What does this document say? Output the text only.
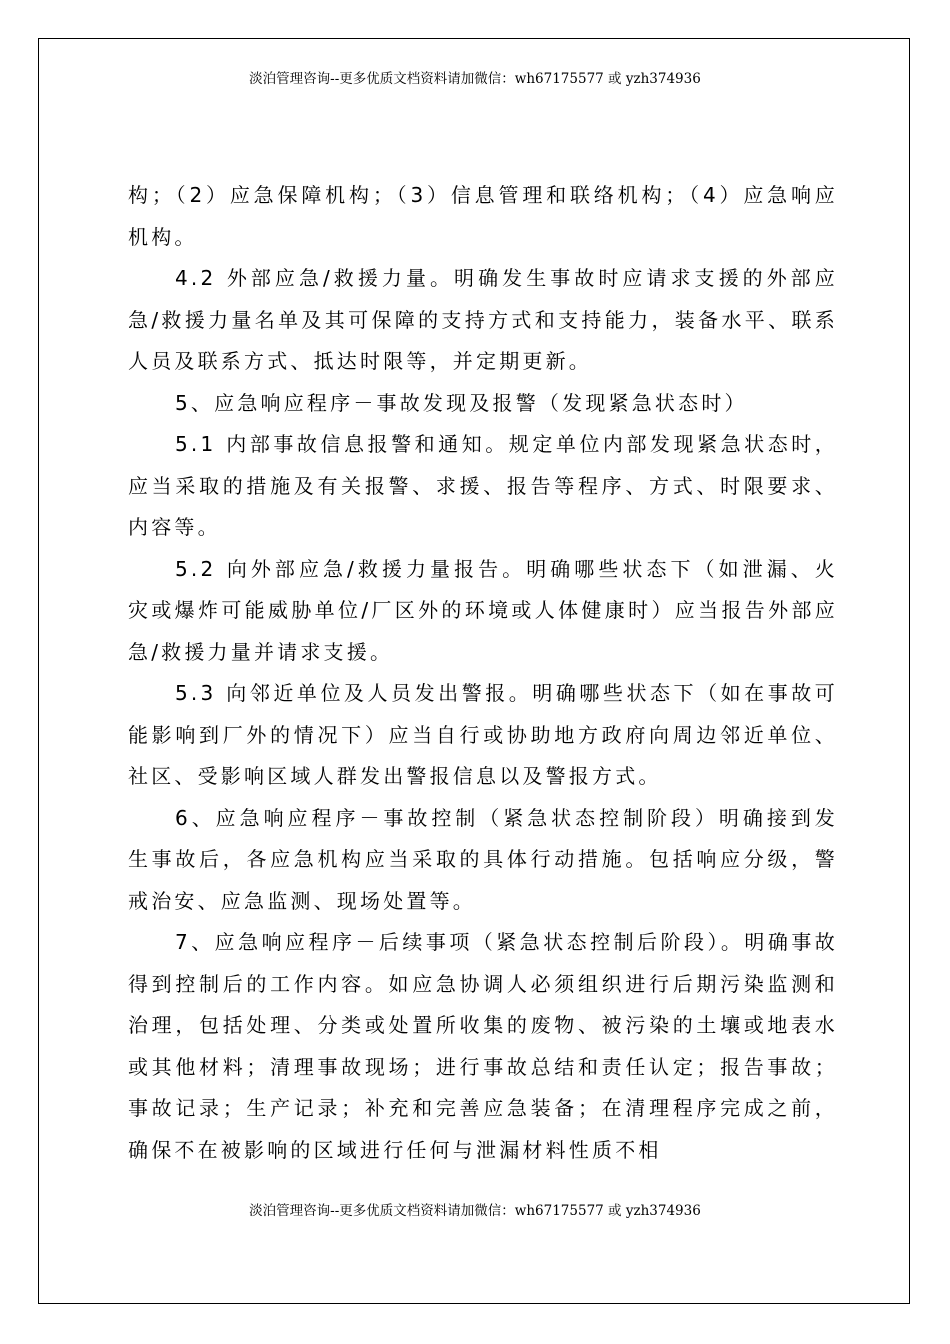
淡泊管理咨询--更多优质文档资料请加微信：wh67175577 或 yzh374936

构；（2）应急保障机构；（3）信息管理和联络机构；（4）应急响应机构。

4.2 外部应急/救援力量。明确发生事故时应请求支援的外部应急/救援力量名单及其可保障的支持方式和支持能力，装备水平、联系人员及联系方式、抵达时限等，并定期更新。

5、应急响应程序－事故发现及报警（发现紧急状态时）

5.1 内部事故信息报警和通知。规定单位内部发现紧急状态时，应当采取的措施及有关报警、求援、报告等程序、方式、时限要求、内容等。

5.2 向外部应急/救援力量报告。明确哪些状态下（如泄漏、火灾或爆炸可能威胁单位/厂区外的环境或人体健康时）应当报告外部应急/救援力量并请求支援。

5.3 向邻近单位及人员发出警报。明确哪些状态下（如在事故可能影响到厂外的情况下）应当自行或协助地方政府向周边邻近单位、社区、受影响区域人群发出警报信息以及警报方式。

6、应急响应程序－事故控制（紧急状态控制阶段）明确接到发生事故后，各应急机构应当采取的具体行动措施。包括响应分级，警戒治安、应急监测、现场处置等。

7、应急响应程序－后续事项（紧急状态控制后阶段）。明确事故得到控制后的工作内容。如应急协调人必须组织进行后期污染监测和治理，包括处理、分类或处置所收集的废物、被污染的土壤或地表水或其他材料；清理事故现场；进行事故总结和责任认定；报告事故；事故记录；生产记录；补充和完善应急装备；在清理程序完成之前，确保不在被影响的区域进行任何与泄漏材料性质不相

淡泊管理咨询--更多优质文档资料请加微信：wh67175577 或 yzh374936
